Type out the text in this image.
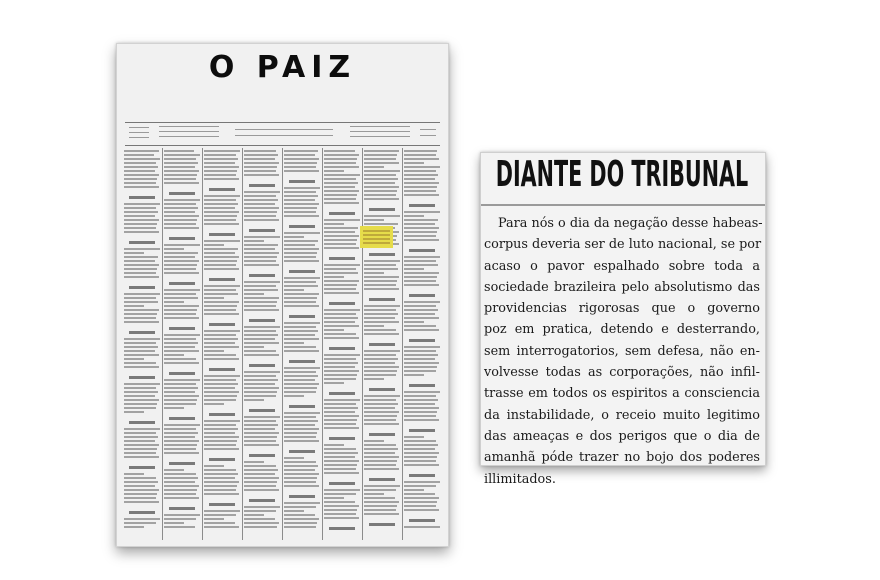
O PAIZ
DIANTE DO TRIBUNAL
Para nós o dia da negação desse habeas-
corpus deveria ser de luto nacional, se por
acaso o pavor espalhado sobre toda a
sociedade brazileira pelo absolutismo das
providencias rigorosas que o governo
poz em pratica, detendo e desterrando,
sem interrogatorios, sem defesa, não en-
volvesse todas as corporações, não infil-
trasse em todos os espiritos a consciencia
da instabilidade, o receio muito legitimo
das ameaças e dos perigos que o dia de
amanhã póde trazer no bojo dos poderes
illimitados.
